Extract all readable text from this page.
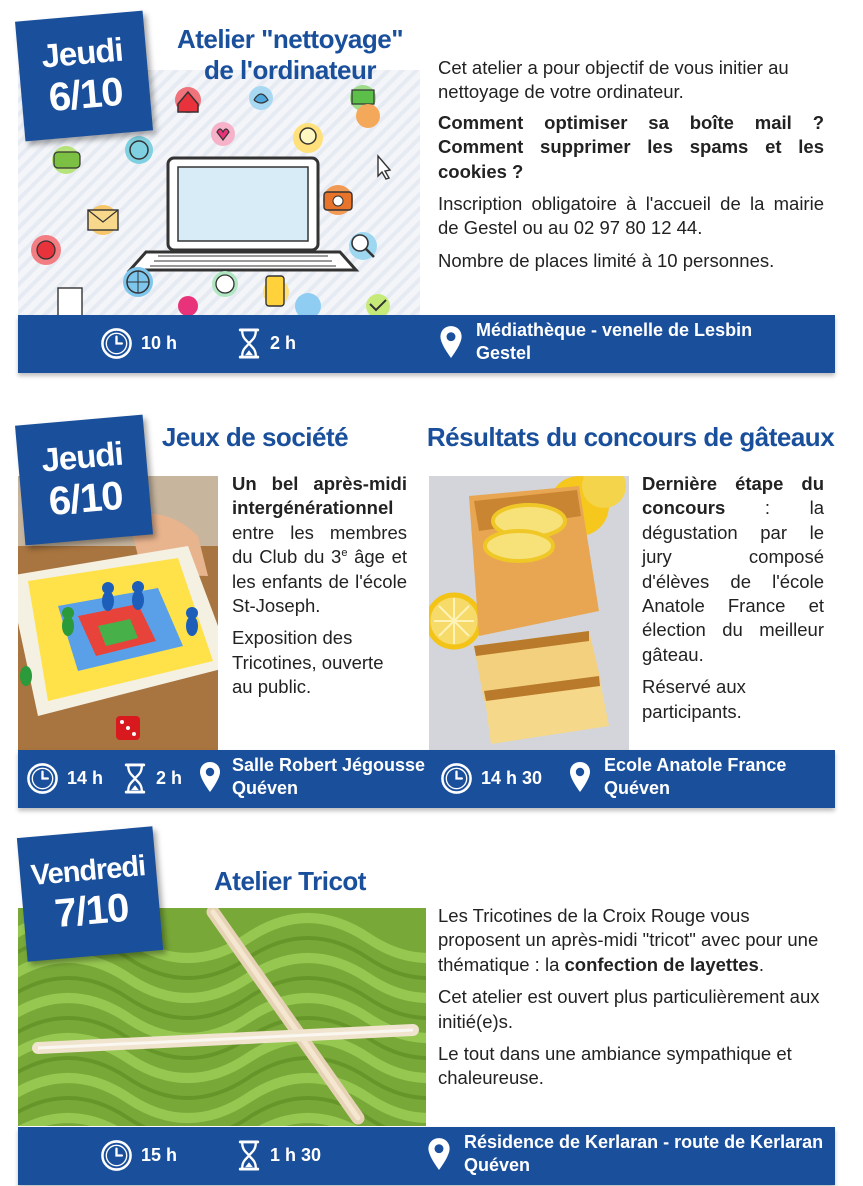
Jeudi
6/10
Atelier "nettoyage"
de l'ordinateur	Cet atelier a pour objectif de vous initier au nettoyage de votre ordinateur.

Comment optimiser sa boîte mail ? Comment supprimer les spams et les cookies ?

Inscription obligatoire à l'accueil de la mairie de Gestel ou au 02 97 80 12 44.

Nombre de places limité à 10 personnes.

10 h	2 h
Médiathèque - venelle de Lesbin
Gestel
Jeudi
6/10
Jeux de société

Un bel après-midi intergénérationnel entre les membres du Club du 3e âge et les enfants de l'école St-Joseph.

Exposition des Tricotines, ouverte au public.

Résultats du concours de gâteaux

Dernière étape du concours : la dégustation par le jury composé d'élèves de l'école Anatole France et élection du meilleur gâteau.

Réservé aux participants.

14 h	2 h
Salle Robert Jégousse
Quéven
14 h 30
Ecole Anatole France
Quéven
Vendredi
7/10
Atelier Tricot

Les Tricotines de la Croix Rouge vous proposent un après-midi "tricot" avec pour une thématique : la confection de layettes.

Cet atelier est ouvert plus particulièrement aux initié(e)s.

Le tout dans une ambiance sympathique et chaleureuse.

15 h	1 h 30
Résidence de Kerlaran - route de Kerlaran
Quéven
